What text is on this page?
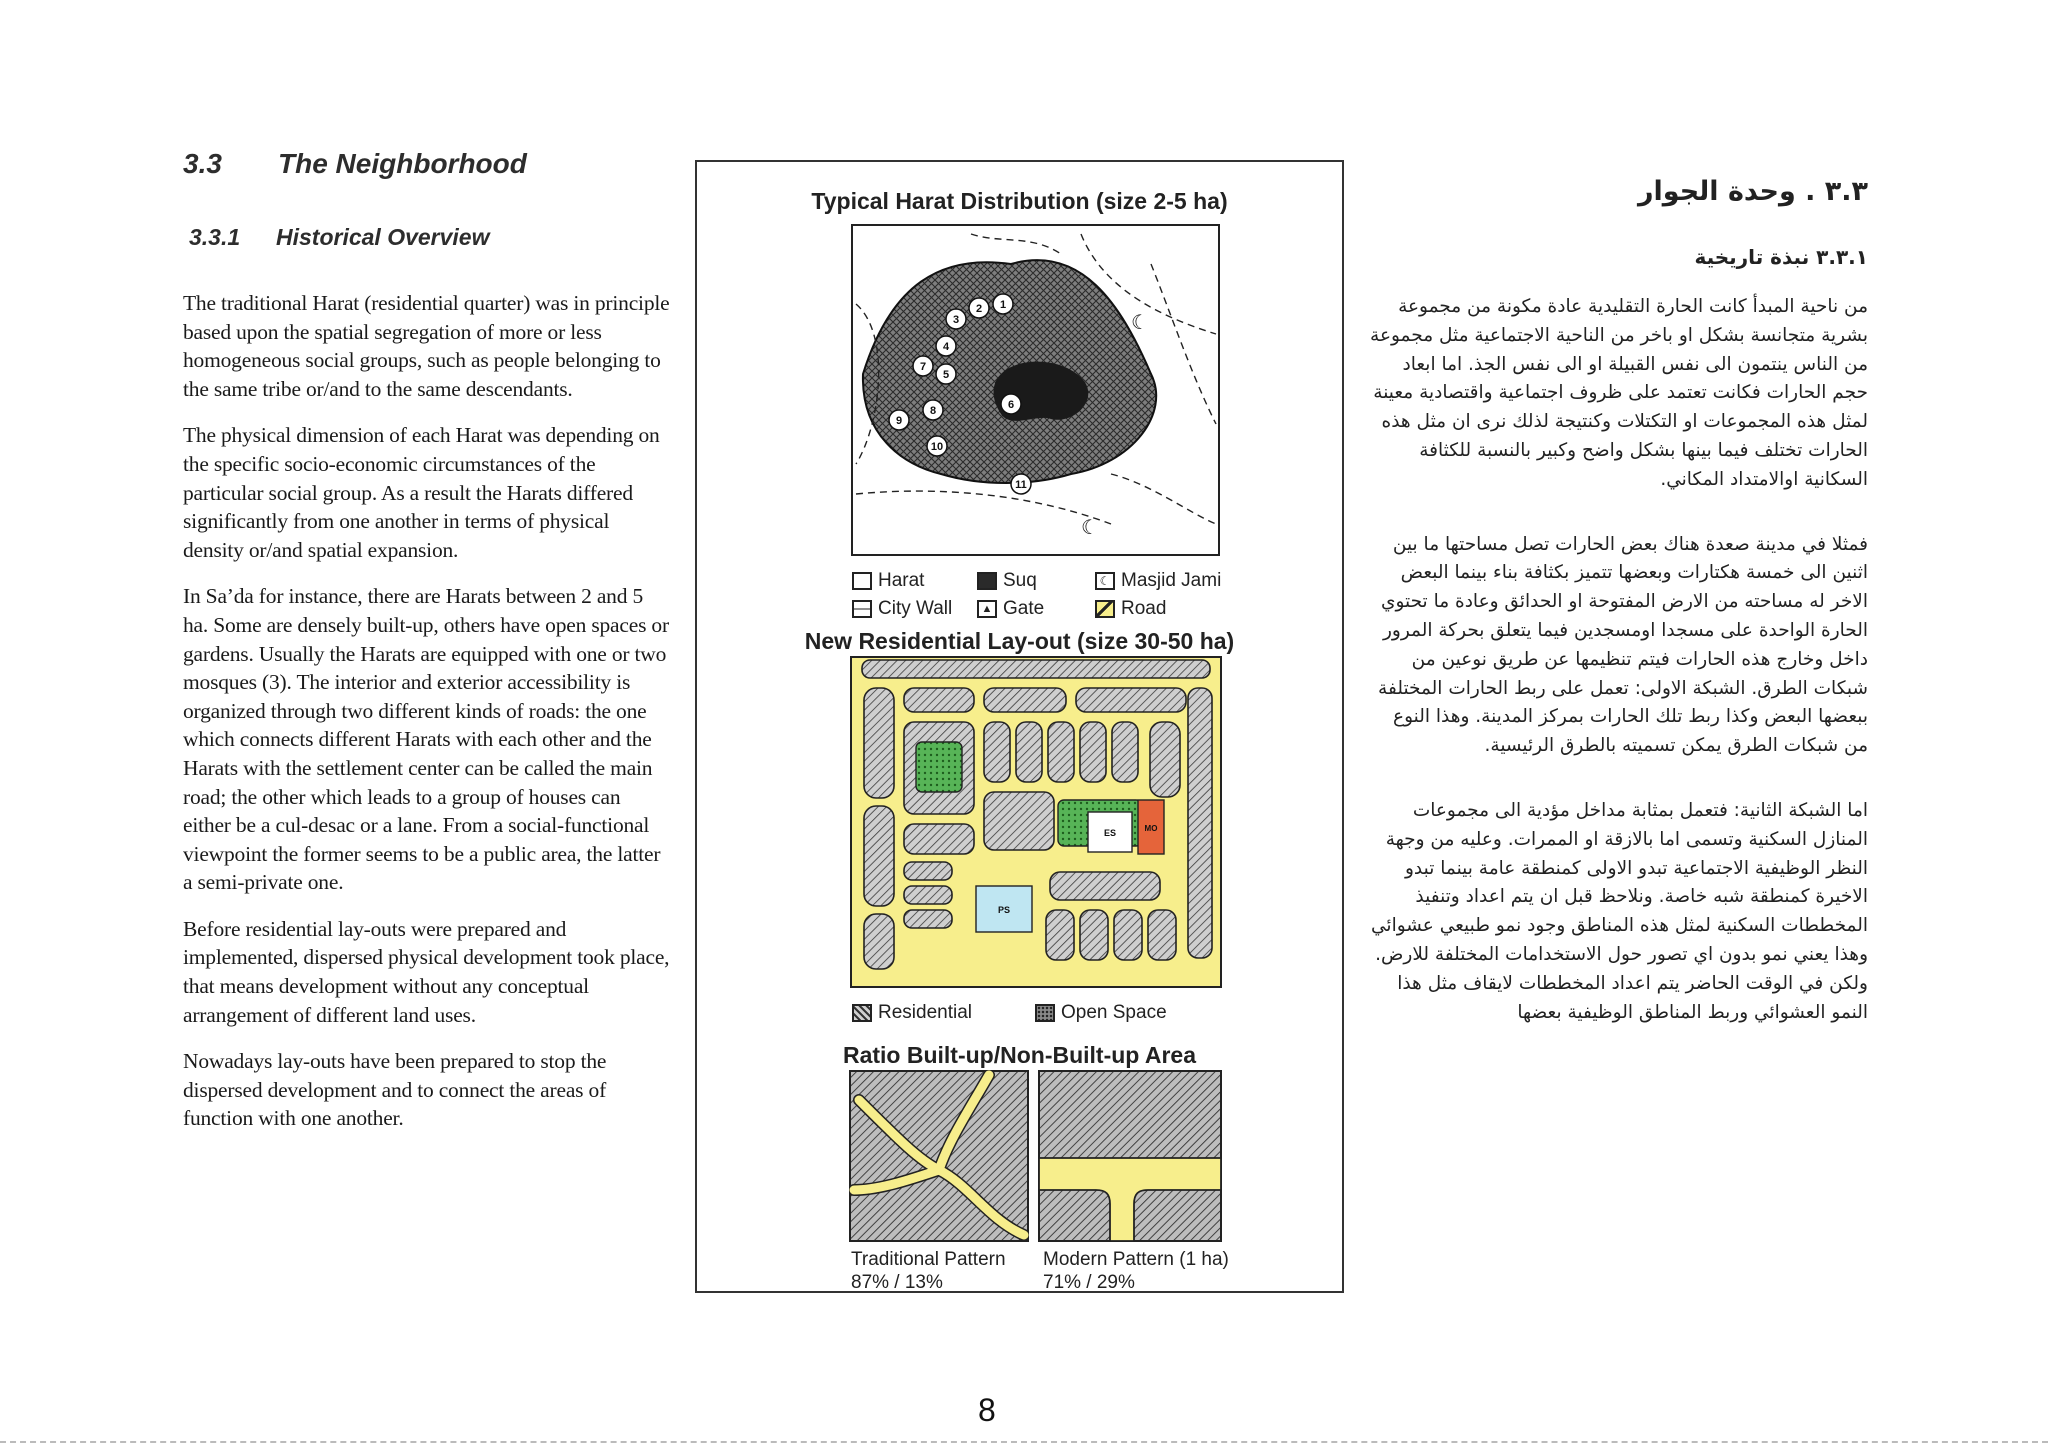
3.3 The Neighborhood
3.3.1 Historical Overview

The traditional Harat (residential quarter) was in principle based upon the spatial segregation of more or less homogeneous social groups, such as people belonging to the same tribe or/and to the same descendants.

The physical dimension of each Harat was depending on the specific socio-economic circumstances of the particular social group. As a result the Harats differed significantly from one another in terms of physical density or/and spatial expansion.

In Sa’da for instance, there are Harats between 2 and 5 ha. Some are densely built-up, others have open spaces or gardens. Usually the Harats are equipped with one or two mosques (3). The interior and exterior accessibility is organized through two different kinds of roads: the one which connects different Harats with each other and the Harats with the settlement center can be called the main road; the other which leads to a group of houses can either be a cul-desac or a lane. From a social-functional viewpoint the former seems to be a public area, the latter a semi-private one.

Before residential lay-outs were prepared and implemented, dispersed physical development took place, that means development without any conceptual arrangement of different land uses.

Nowadays lay-outs have been prepared to stop the dispersed development and to connect the areas of function with one another.

Typical Harat Distribution (size 2-5 ha)
3
2 1
4
7
5
8
9
10
6
11
☾
☾
Harat	Suq	☾ Masjid Jami
City Wall	▲ Gate	Road
New Residential Lay-out (size 30-50 ha)
PS
ES	MO
Residential	Open Space
Ratio Built-up/Non-Built-up Area
Traditional Pattern
87% / 13%
Modern Pattern (1 ha)
71% / 29%
٣.٣ . وحدة الجوار
٣.٣.١ نبذة تاريخية

من ناحية المبدأ كانت الحارة التقليدية عادة مكونة من مجموعة بشرية متجانسة بشكل او باخر من الناحية الاجتماعية مثل مجموعة من الناس ينتمون الى نفس القبيلة او الى نفس الجذ. اما ابعاد حجم الحارات فكانت تعتمد على ظروف اجتماعية واقتصادية معينة لمثل هذه المجموعات او التكتلات وكنتيجة لذلك نرى ان مثل هذه الحارات تختلف فيما بينها بشكل واضح وكبير بالنسبة للكثافة السكانية اوالامتداد المكاني.

فمثلا في مدينة صعدة هناك بعض الحارات تصل مساحتها ما بين اثنين الى خمسة هكتارات وبعضها تتميز بكثافة بناء بينما البعض الاخر له مساحته من الارض المفتوحة او الحدائق وعادة ما تحتوي الحارة الواحدة على مسجدا اومسجدين فيما يتعلق بحركة المرور داخل وخارج هذه الحارات فيتم تنظيمها عن طريق نوعين من شبكات الطرق. الشبكة الاولى: تعمل على ربط الحارات المختلفة ببعضها البعض وكذا ربط تلك الحارات بمركز المدينة. وهذا النوع من شبكات الطرق يمكن تسميته بالطرق الرئيسية.

اما الشبكة الثانية: فتعمل بمثابة مداخل مؤدية الى مجموعات المنازل السكنية وتسمى اما بالازقة او الممرات. وعليه من وجهة النظر الوظيفية الاجتماعية تبدو الاولى كمنطقة عامة بينما تبدو الاخيرة كمنطقة شبه خاصة. ونلاحظ قبل ان يتم اعداد وتنفيذ المخططات السكنية لمثل هذه المناطق وجود نمو طبيعي عشوائي وهذا يعني نمو بدون اي تصور حول الاستخدامات المختلفة للارض. ولكن في الوقت الحاضر يتم اعداد المخططات لايقاف مثل هذا النمو العشوائي وربط المناطق الوظيفية بعضها

8
